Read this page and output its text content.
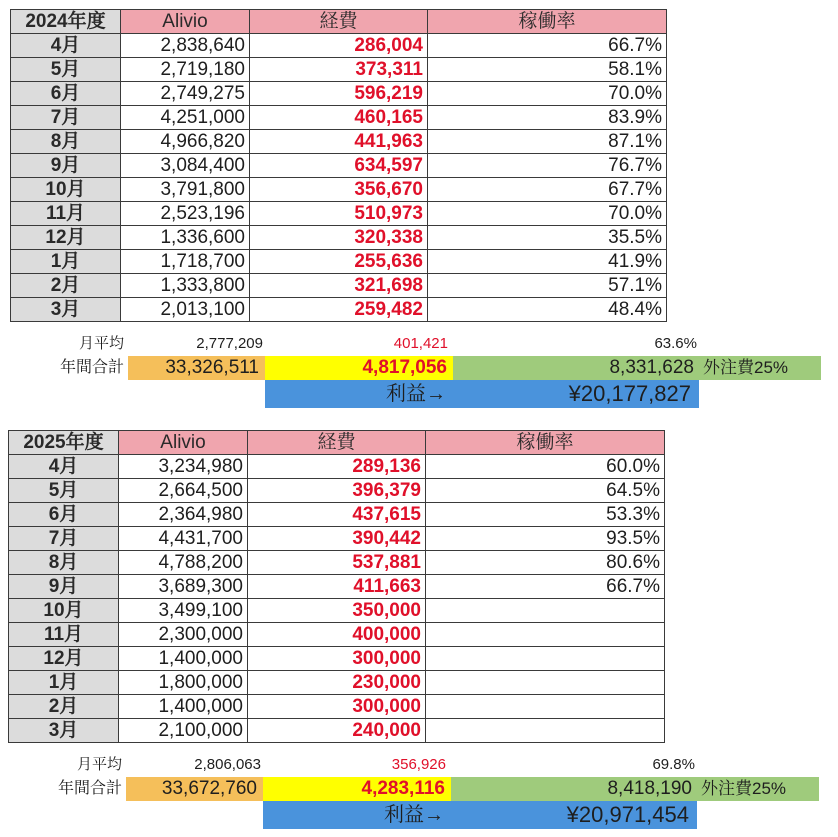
2024年度	Alivio	経費	稼働率
4月	2,838,640	286,004	66.7%
5月	2,719,180	373,311	58.1%
6月	2,749,275	596,219	70.0%
7月	4,251,000	460,165	83.9%
8月	4,966,820	441,963	87.1%
9月	3,084,400	634,597	76.7%
10月	3,791,800	356,670	67.7%
11月	2,523,196	510,973	70.0%
12月	1,336,600	320,338	35.5%
1月	1,718,700	255,636	41.9%
2月	1,333,800	321,698	57.1%
3月	2,013,100	259,482	48.4%
月平均	2,777,209	401,421	63.6%
年間合計	33,326,511	4,817,056	8,331,628 外注費25%
利益→	¥20,177,827
2025年度	Alivio	経費	稼働率
4月	3,234,980	289,136	60.0%
5月	2,664,500	396,379	64.5%
6月	2,364,980	437,615	53.3%
7月	4,431,700	390,442	93.5%
8月	4,788,200	537,881	80.6%
9月	3,689,300	411,663	66.7%
10月	3,499,100	350,000	
11月	2,300,000	400,000	
12月	1,400,000	300,000	
1月	1,800,000	230,000	
2月	1,400,000	300,000	
3月	2,100,000	240,000	
月平均	2,806,063	356,926	69.8%
年間合計	33,672,760	4,283,116	8,418,190 外注費25%
利益→	¥20,971,454
